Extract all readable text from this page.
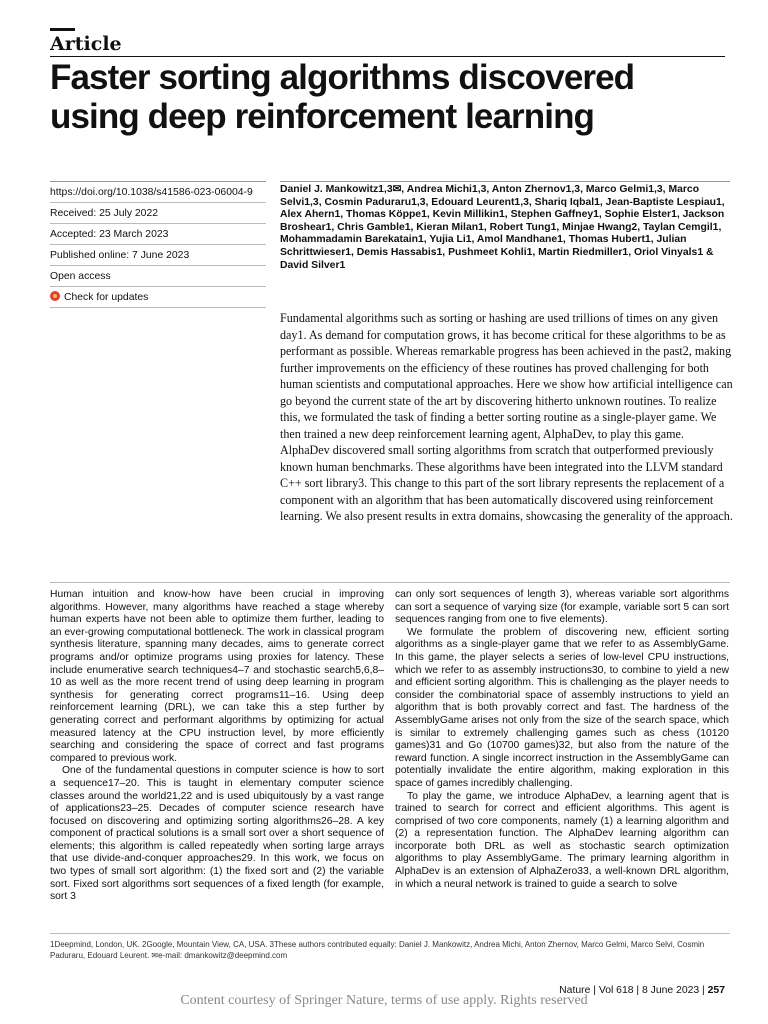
Article
Faster sorting algorithms discovered using deep reinforcement learning
https://doi.org/10.1038/s41586-023-06004-9
Received: 25 July 2022
Accepted: 23 March 2023
Published online: 7 June 2023
Open access
Check for updates
Daniel J. Mankowitz1,3✉, Andrea Michi1,3, Anton Zhernov1,3, Marco Gelmi1,3, Marco Selvi1,3, Cosmin Paduraru1,3, Edouard Leurent1,3, Shariq Iqbal1, Jean-Baptiste Lespiau1, Alex Ahern1, Thomas Köppe1, Kevin Millikin1, Stephen Gaffney1, Sophie Elster1, Jackson Broshear1, Chris Gamble1, Kieran Milan1, Robert Tung1, Minjae Hwang2, Taylan Cemgil1, Mohammadamin Barekatain1, Yujia Li1, Amol Mandhane1, Thomas Hubert1, Julian Schrittwieser1, Demis Hassabis1, Pushmeet Kohli1, Martin Riedmiller1, Oriol Vinyals1 & David Silver1
Fundamental algorithms such as sorting or hashing are used trillions of times on any given day1. As demand for computation grows, it has become critical for these algorithms to be as performant as possible. Whereas remarkable progress has been achieved in the past2, making further improvements on the efficiency of these routines has proved challenging for both human scientists and computational approaches. Here we show how artificial intelligence can go beyond the current state of the art by discovering hitherto unknown routines. To realize this, we formulated the task of finding a better sorting routine as a single-player game. We then trained a new deep reinforcement learning agent, AlphaDev, to play this game. AlphaDev discovered small sorting algorithms from scratch that outperformed previously known human benchmarks. These algorithms have been integrated into the LLVM standard C++ sort library3. This change to this part of the sort library represents the replacement of a component with an algorithm that has been automatically discovered using reinforcement learning. We also present results in extra domains, showcasing the generality of the approach.

Human intuition and know-how have been crucial in improving algorithms. However, many algorithms have reached a stage whereby human experts have not been able to optimize them further, leading to an ever-growing computational bottleneck. The work in classical program synthesis literature, spanning many decades, aims to generate correct programs and/or optimize programs using proxies for latency. These include enumerative search techniques4–7 and stochastic search5,6,8–10 as well as the more recent trend of using deep learning in program synthesis for generating correct programs11–16. Using deep reinforcement learning (DRL), we can take this a step further by generating correct and performant algorithms by optimizing for actual measured latency at the CPU instruction level, by more efficiently searching and considering the space of correct and fast programs compared to previous work.

One of the fundamental questions in computer science is how to sort a sequence17–20. This is taught in elementary computer science classes around the world21,22 and is used ubiquitously by a vast range of applications23–25. Decades of computer science research have focused on discovering and optimizing sorting algorithms26–28. A key component of practical solutions is a small sort over a short sequence of elements; this algorithm is called repeatedly when sorting large arrays that use divide-and-conquer approaches29. In this work, we focus on two types of small sort algorithm: (1) the fixed sort and (2) the variable sort. Fixed sort algorithms sort sequences of a fixed length (for example, sort 3

can only sort sequences of length 3), whereas variable sort algorithms can sort a sequence of varying size (for example, variable sort 5 can sort sequences ranging from one to five elements).

We formulate the problem of discovering new, efficient sorting algorithms as a single-player game that we refer to as AssemblyGame. In this game, the player selects a series of low-level CPU instructions, which we refer to as assembly instructions30, to combine to yield a new and efficient sorting algorithm. This is challenging as the player needs to consider the combinatorial space of assembly instructions to yield an algorithm that is both provably correct and fast. The hardness of the AssemblyGame arises not only from the size of the search space, which is similar to extremely challenging games such as chess (10120 games)31 and Go (10700 games)32, but also from the nature of the reward function. A single incorrect instruction in the AssemblyGame can potentially invalidate the entire algorithm, making exploration in this space of games incredibly challenging.

To play the game, we introduce AlphaDev, a learning agent that is trained to search for correct and efficient algorithms. This agent is comprised of two core components, namely (1) a learning algorithm and (2) a representation function. The AlphaDev learning algorithm can incorporate both DRL as well as stochastic search optimization algorithms to play AssemblyGame. The primary learning algorithm in AlphaDev is an extension of AlphaZero33, a well-known DRL algorithm, in which a neural network is trained to guide a search to solve

1Deepmind, London, UK. 2Google, Mountain View, CA, USA. 3These authors contributed equally: Daniel J. Mankowitz, Andrea Michi, Anton Zhernov, Marco Gelmi, Marco Selvi, Cosmin Paduraru, Edouard Leurent. ✉e-mail: dmankowitz@deepmind.com
Nature | Vol 618 | 8 June 2023 | 257
Content courtesy of Springer Nature, terms of use apply. Rights reserved
